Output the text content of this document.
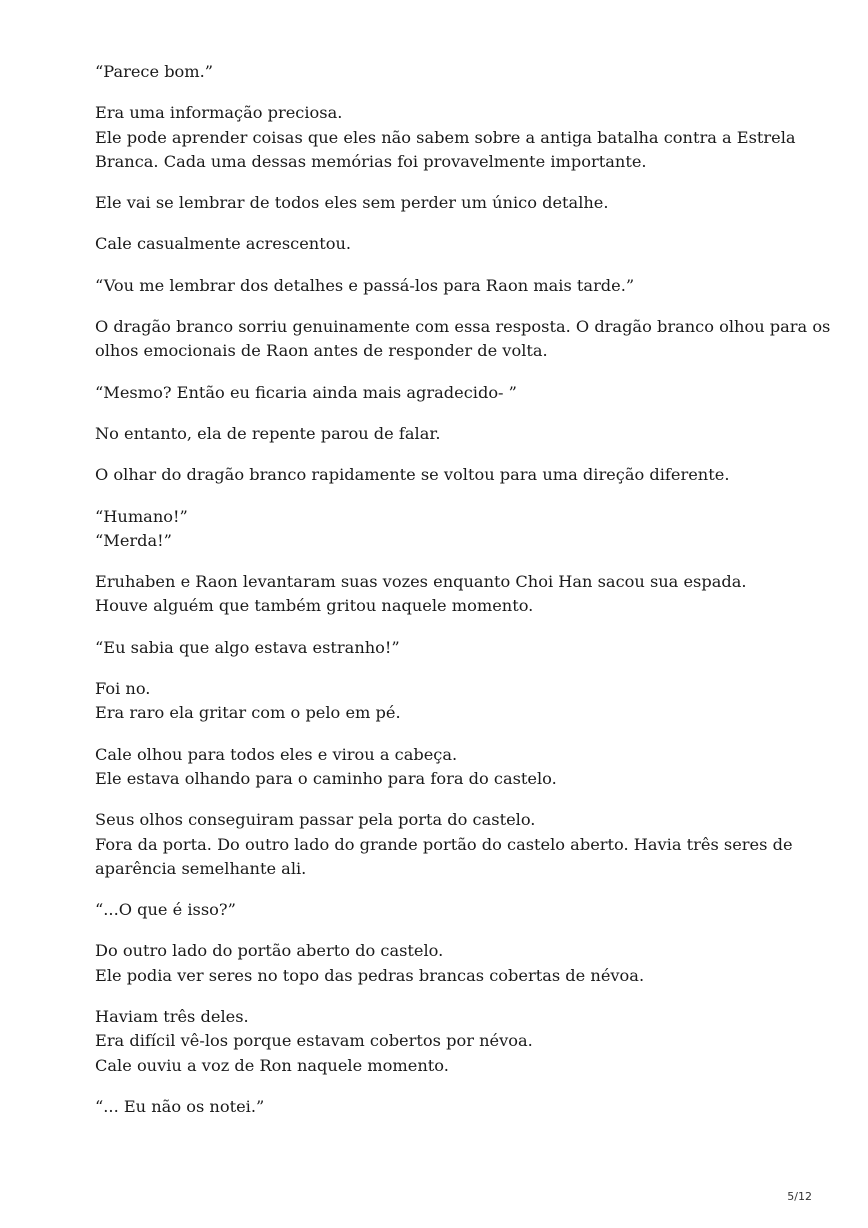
“Parece bom.”
Era uma informação preciosa.
Ele pode aprender coisas que eles não sabem sobre a antiga batalha contra a Estrela
Branca. Cada uma dessas memórias foi provavelmente importante.
Ele vai se lembrar de todos eles sem perder um único detalhe.
Cale casualmente acrescentou.
“Vou me lembrar dos detalhes e passá-los para Raon mais tarde.”
O dragão branco sorriu genuinamente com essa resposta. O dragão branco olhou para os
olhos emocionais de Raon antes de responder de volta.
“Mesmo? Então eu ficaria ainda mais agradecido- ”
No entanto, ela de repente parou de falar.
O olhar do dragão branco rapidamente se voltou para uma direção diferente.
“Humano!”
“Merda!”
Eruhaben e Raon levantaram suas vozes enquanto Choi Han sacou sua espada.
Houve alguém que também gritou naquele momento.
“Eu sabia que algo estava estranho!”
Foi no.
Era raro ela gritar com o pelo em pé.
Cale olhou para todos eles e virou a cabeça.
Ele estava olhando para o caminho para fora do castelo.
Seus olhos conseguiram passar pela porta do castelo.
Fora da porta. Do outro lado do grande portão do castelo aberto. Havia três seres de
aparência semelhante ali.
“...O que é isso?”
Do outro lado do portão aberto do castelo.
Ele podia ver seres no topo das pedras brancas cobertas de névoa.
Haviam três deles.
Era difícil vê-los porque estavam cobertos por névoa.
Cale ouviu a voz de Ron naquele momento.
“... Eu não os notei.”
5/12
